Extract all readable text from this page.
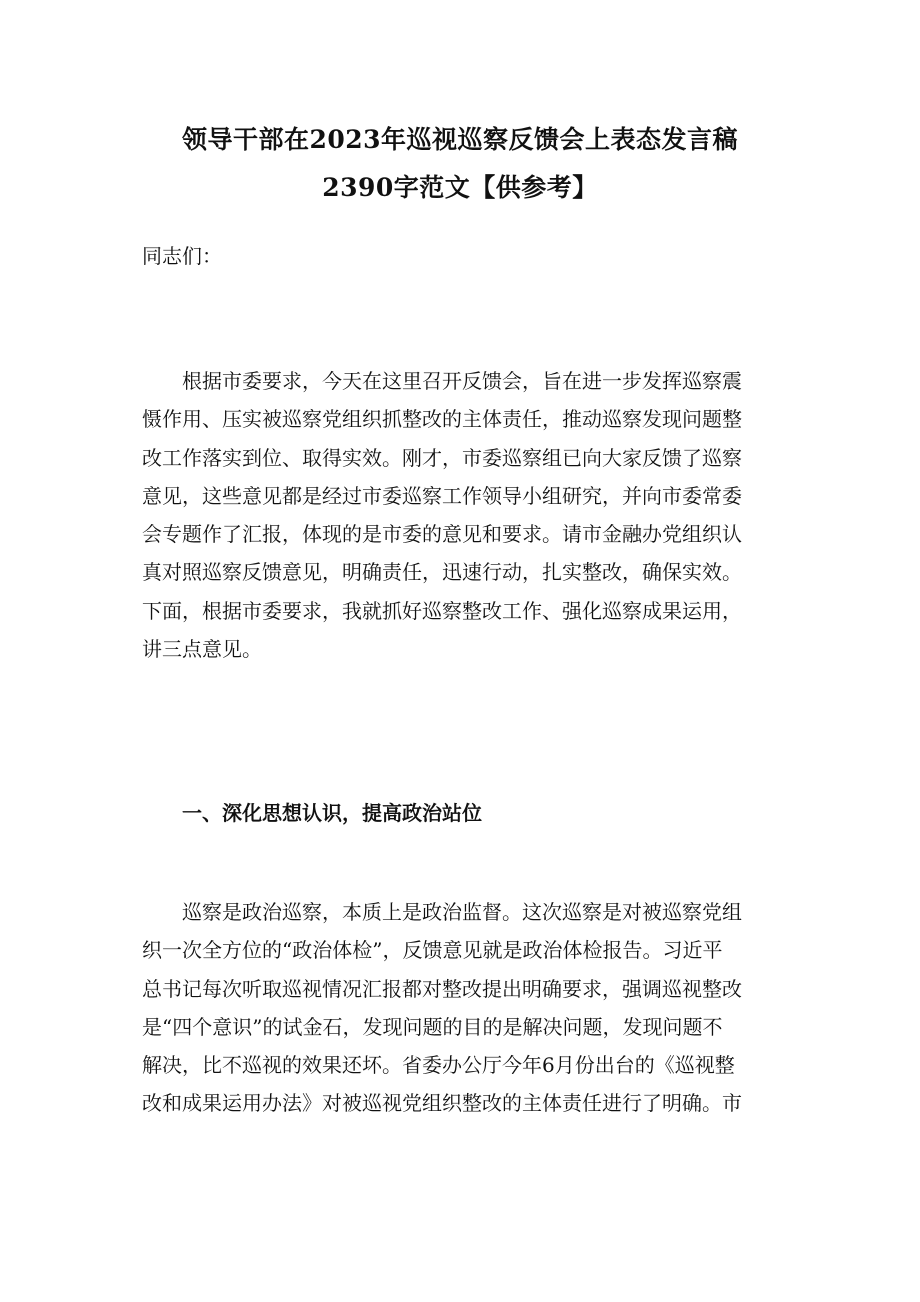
领导干部在2023年巡视巡察反馈会上表态发言稿
2390字范文【供参考】
同志们：
根据市委要求，今天在这里召开反馈会，旨在进一步发挥巡察震
慑作用、压实被巡察党组织抓整改的主体责任，推动巡察发现问题整
改工作落实到位、取得实效。刚才，市委巡察组已向大家反馈了巡察
意见，这些意见都是经过市委巡察工作领导小组研究，并向市委常委
会专题作了汇报，体现的是市委的意见和要求。请市金融办党组织认
真对照巡察反馈意见，明确责任，迅速行动，扎实整改，确保实效。
下面，根据市委要求，我就抓好巡察整改工作、强化巡察成果运用，
讲三点意见。
一、深化思想认识，提高政治站位
巡察是政治巡察，本质上是政治监督。这次巡察是对被巡察党组
织一次全方位的“政治体检”，反馈意见就是政治体检报告。习近平
总书记每次听取巡视情况汇报都对整改提出明确要求，强调巡视整改
是“四个意识”的试金石，发现问题的目的是解决问题，发现问题不
解决，比不巡视的效果还坏。省委办公厅今年6月份出台的《巡视整
改和成果运用办法》对被巡视党组织整改的主体责任进行了明确。市
